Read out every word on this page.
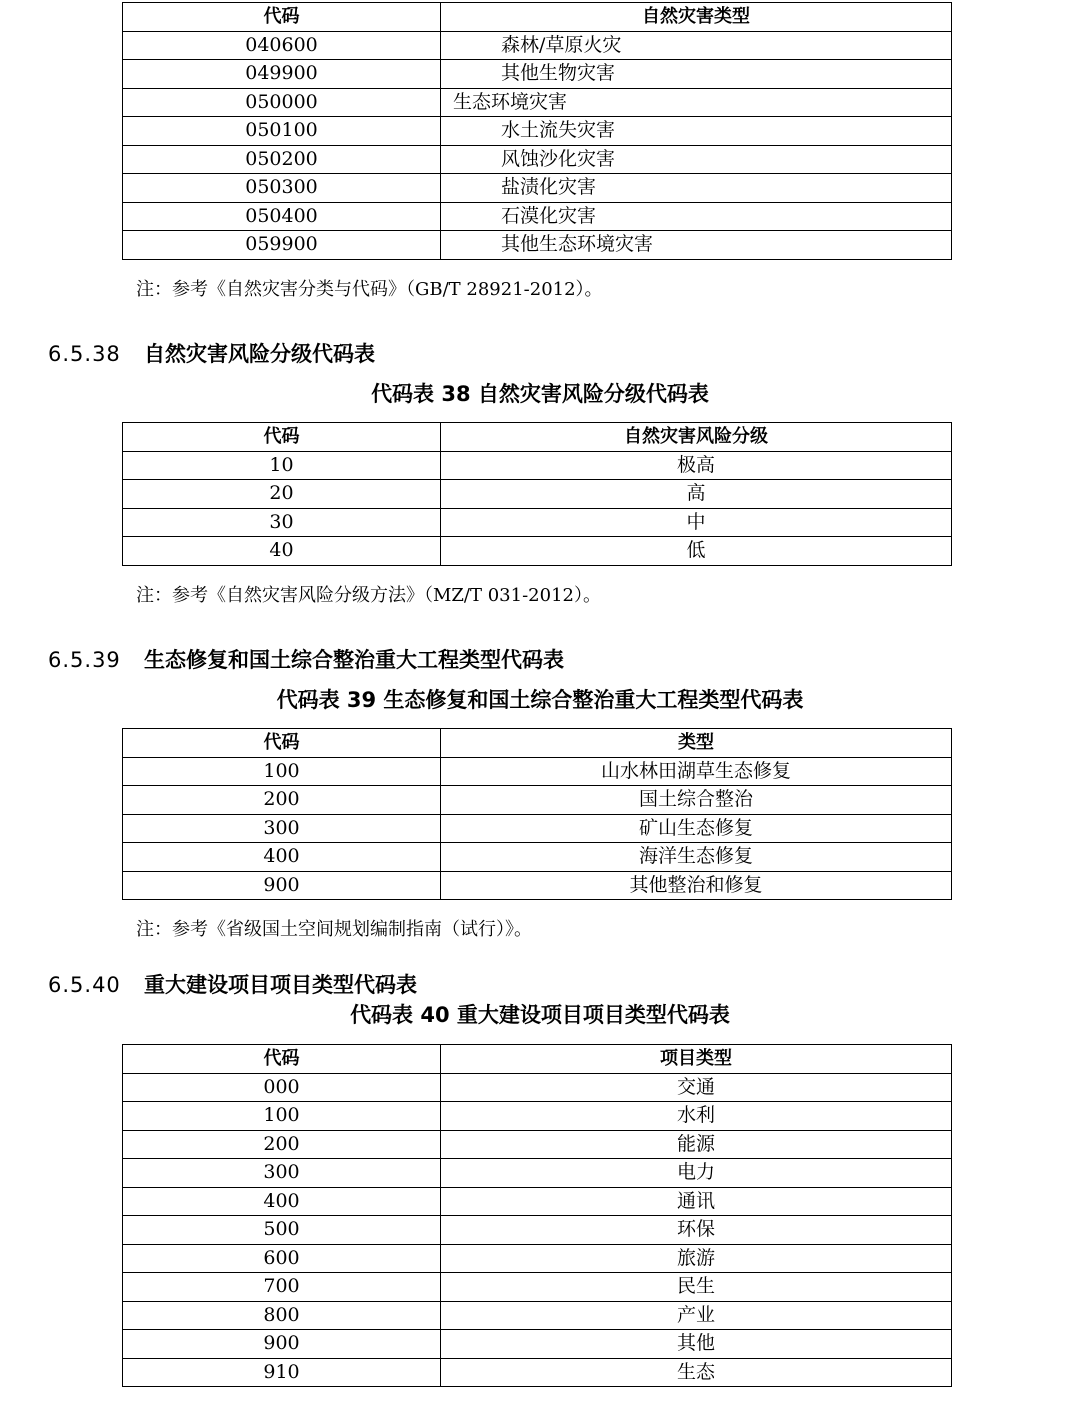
代码	自然灾害类型
040600	森林/草原火灾
049900	其他生物灾害
050000	生态环境灾害
050100	水土流失灾害
050200	风蚀沙化灾害
050300	盐渍化灾害
050400	石漠化灾害
059900	其他生态环境灾害
注：参考《自然灾害分类与代码》（GB/T 28921-2012）。
6.5.38 自然灾害风险分级代码表
代码表 38 自然灾害风险分级代码表
代码	自然灾害风险分级
10	极高
20	高
30	中
40	低
注：参考《自然灾害风险分级方法》（MZ/T 031-2012）。
6.5.39 生态修复和国土综合整治重大工程类型代码表
代码表 39 生态修复和国土综合整治重大工程类型代码表
代码	类型
100	山水林田湖草生态修复
200	国土综合整治
300	矿山生态修复
400	海洋生态修复
900	其他整治和修复
注：参考《省级国土空间规划编制指南（试行）》。
6.5.40 重大建设项目项目类型代码表
代码表 40 重大建设项目项目类型代码表
代码	项目类型
000	交通
100	水利
200	能源
300	电力
400	通讯
500	环保
600	旅游
700	民生
800	产业
900	其他
910	生态
